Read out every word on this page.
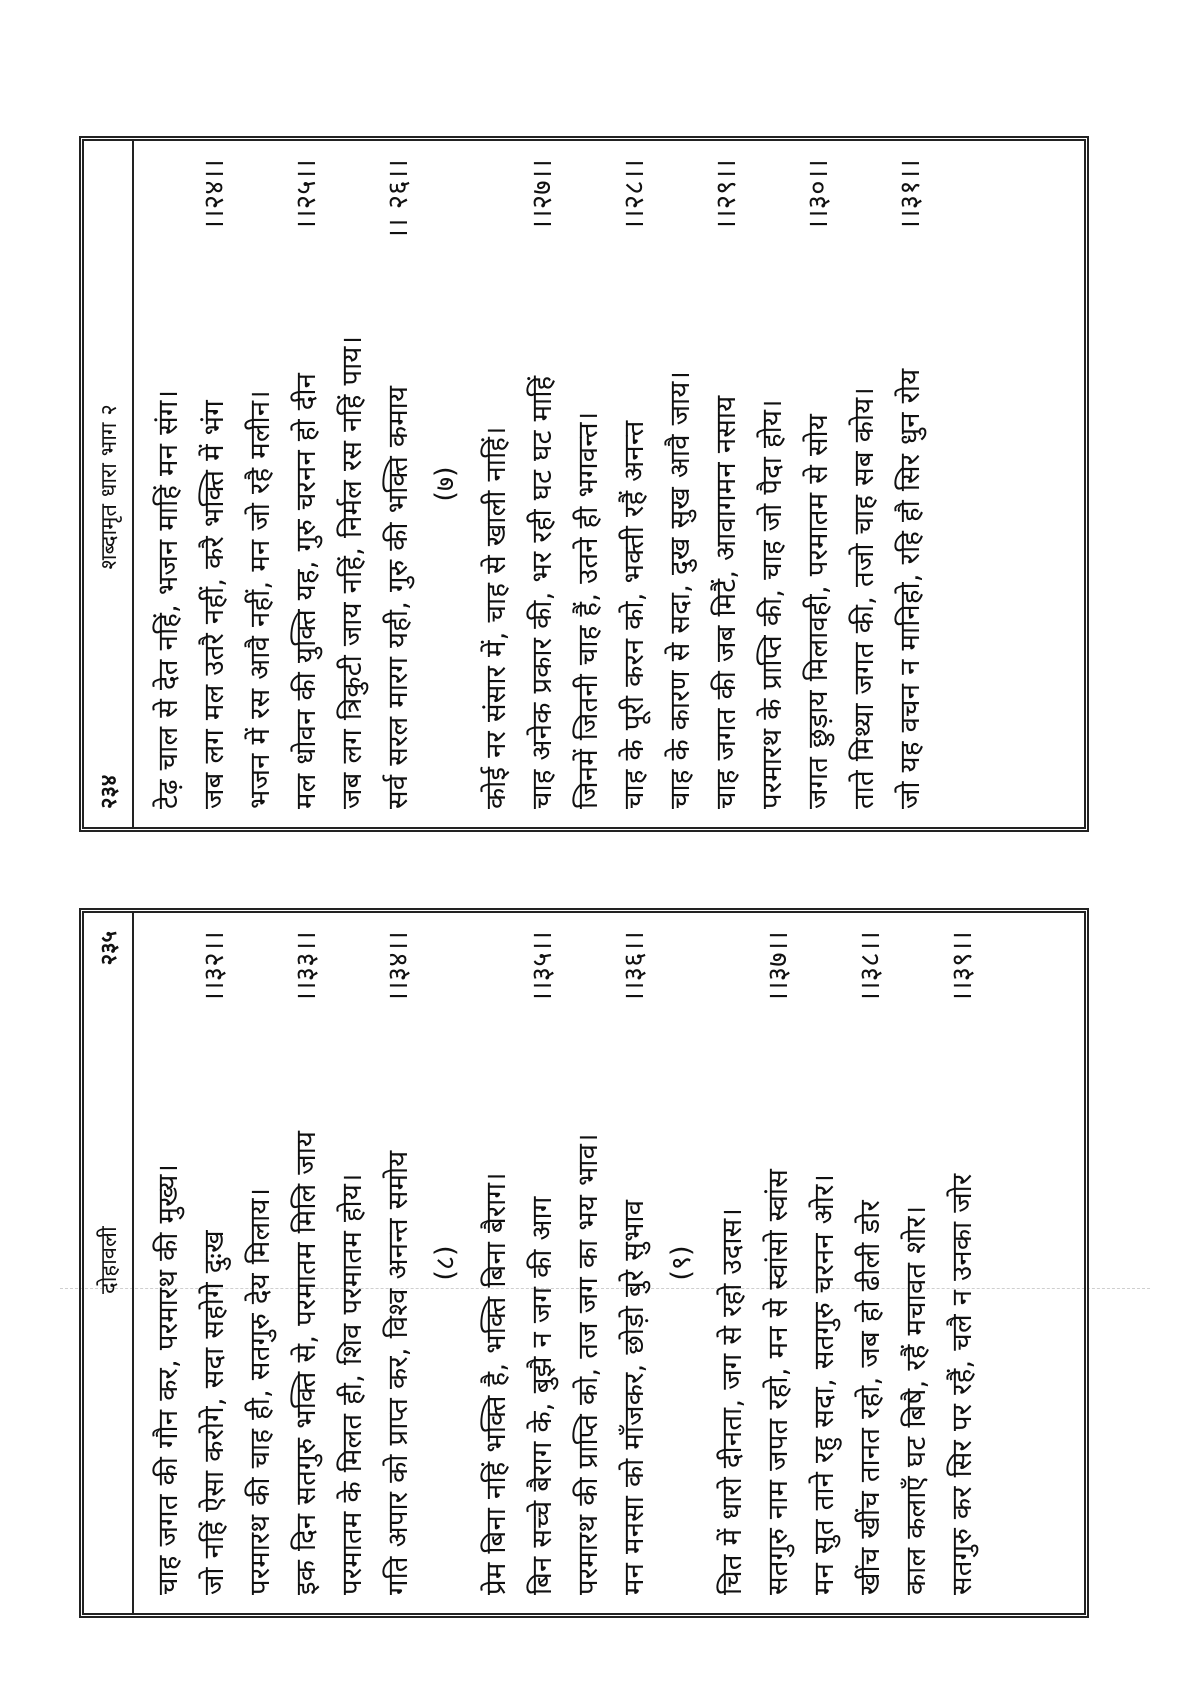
२३४
शब्दामृत धारा भाग २ टेढ़ चाल से देत नहिं, भजन माहिं मन संग। जब लग मल उतरै नहीं, करै भक्ति में भंग
।।२४।।
भजन में रस आवै नहीं, मन जो रहै मलीन। मल धोवन की युक्ति यह, गुरु चरनन हो दीन
।।२५।।
जब लग त्रिकुटी जाय नहिं, निर्मल रस नहिं पाय। सर्व सरल मारग यही, गुरु की भक्ति कमाय
।। २६।।
(७) कोई नर संसार में, चाह से खाली नाहिं। चाह अनेक प्रकार की, भर रही घट घट माहिं
।।२७।।
जिनमें जितनी चाह हैं, उतने ही भगवन्त। चाह के पूरी करन को, भक्ती रहैं अनन्त
।।२८।।
चाह के कारण से सदा, दुख सुख आवै जाय। चाह जगत की जब मिटैं, आवागमन नसाय
।।२९।।
परमारथ के प्राप्ति की, चाह जो पैदा होय। जगत छुड़ाय मिलावही, परमातम से सोय
।।३०।।
ताते मिथ्या जगत की, तजो चाह सब कोय। जो यह वचन न मानिहो, रहि हौ सिर धुन रोय
।।३१।।
दोहावली
२३५
चाह जगत की गौन कर, परमारथ की मुख्य। जो नहिं ऐसा करोगे, सदा सहोगे दुःख
।।३२।।
परमारथ की चाह ही, सतगुरु देय मिलाय। इक दिन सतगुरु भक्ति से, परमातम मिलि जाय
।।३३।।
परमातम के मिलत ही, शिव परमातम होय। गति अपार को प्राप्त कर, विश्व अनन्त समोय
।।३४।।
(८) प्रेम बिना नहिं भक्ति है, भक्ति बिना बैराग। बिन सच्चे बैराग के, बुझै न जग की आग
।।३५।।
परमारथ की प्राप्ति को, तज जग का भय भाव। मन मनसा को माँजकर, छोड़ो बुरे सुभाव
।।३६।।
(९) चित में धारो दीनता, जग से रहो उदास। सतगुरु नाम जपत रहो, मन से स्वांसो स्वांस
।।३७।।
मन सुत ताने रहु सदा, सतगुरु चरनन ओर। खींच खींच तानत रहो, जब हो ढीली डोर
।।३८।।
काल कलाएँ घट बिषै, रहैं मचावत शोर। सतगुरु कर सिर पर रहैं, चलै न उनका जोर
।।३९।।
